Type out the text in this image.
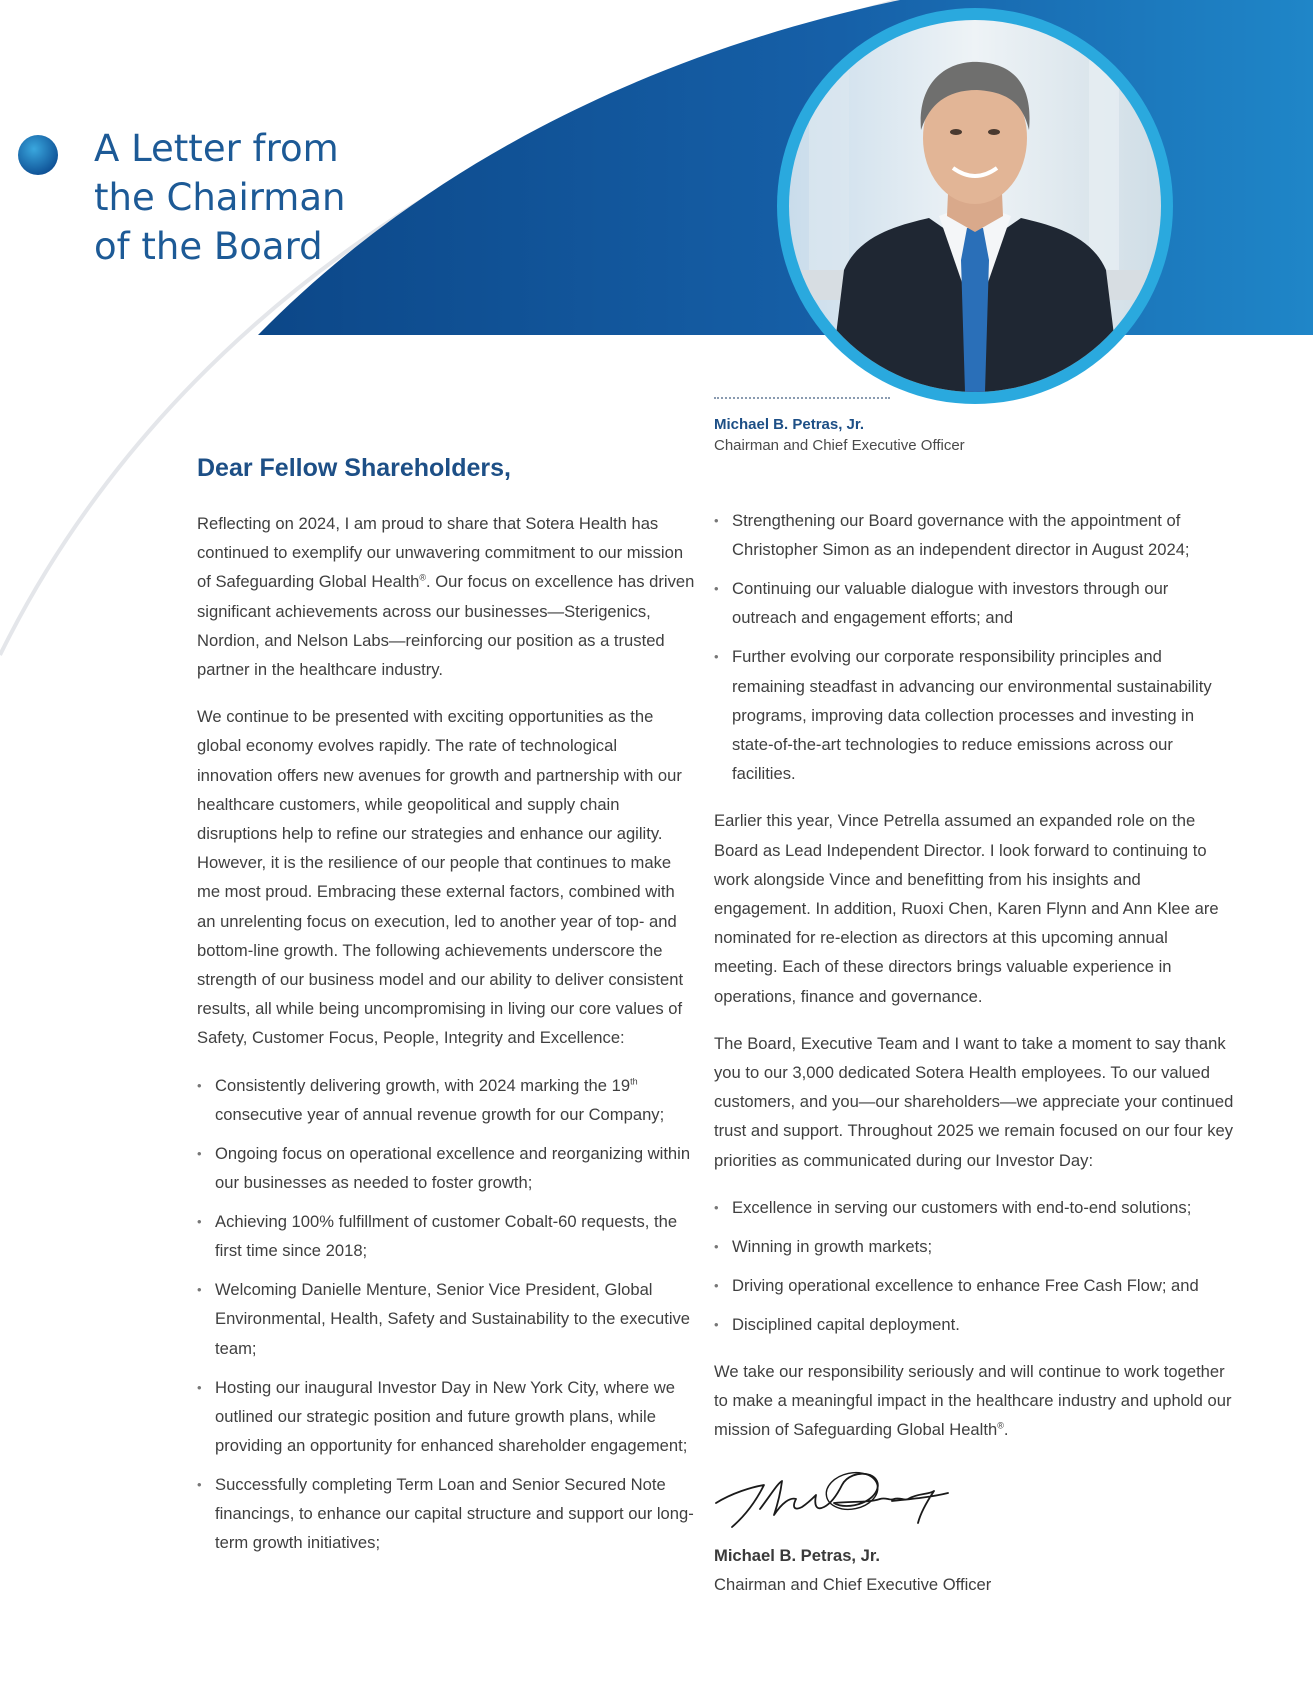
A Letter from
the Chairman
of the Board
Michael B. Petras, Jr.
Chairman and Chief Executive Officer
Dear Fellow Shareholders,

Reflecting on 2024, I am proud to share that Sotera Health has continued to exemplify our unwavering commitment to our mission of Safeguarding Global Health®. Our focus on excellence has driven significant achievements across our businesses—Sterigenics, Nordion, and Nelson Labs—reinforcing our position as a trusted partner in the healthcare industry.

We continue to be presented with exciting opportunities as the global economy evolves rapidly. The rate of technological innovation offers new avenues for growth and partnership with our healthcare customers, while geopolitical and supply chain disruptions help to refine our strategies and enhance our agility. However, it is the resilience of our people that continues to make me most proud. Embracing these external factors, combined with an unrelenting focus on execution, led to another year of top- and bottom-line growth. The following achievements underscore the strength of our business model and our ability to deliver consistent results, all while being uncompromising in living our core values of Safety, Customer Focus, People, Integrity and Excellence:

• Consistently delivering growth, with 2024 marking the 19th consecutive year of annual revenue growth for our Company;
• Ongoing focus on operational excellence and reorganizing within our businesses as needed to foster growth;
• Achieving 100% fulfillment of customer Cobalt-60 requests, the first time since 2018;
• Welcoming Danielle Menture, Senior Vice President, Global Environmental, Health, Safety and Sustainability to the executive team;
• Hosting our inaugural Investor Day in New York City, where we outlined our strategic position and future growth plans, while providing an opportunity for enhanced shareholder engagement;
• Successfully completing Term Loan and Senior Secured Note financings, to enhance our capital structure and support our long-term growth initiatives;
• Strengthening our Board governance with the appointment of Christopher Simon as an independent director in August 2024;
• Continuing our valuable dialogue with investors through our outreach and engagement efforts; and
• Further evolving our corporate responsibility principles and remaining steadfast in advancing our environmental sustainability programs, improving data collection processes and investing in state-of-the-art technologies to reduce emissions across our facilities.

Earlier this year, Vince Petrella assumed an expanded role on the Board as Lead Independent Director. I look forward to continuing to work alongside Vince and benefitting from his insights and engagement. In addition, Ruoxi Chen, Karen Flynn and Ann Klee are nominated for re-election as directors at this upcoming annual meeting. Each of these directors brings valuable experience in operations, finance and governance.

The Board, Executive Team and I want to take a moment to say thank you to our 3,000 dedicated Sotera Health employees. To our valued customers, and you—our shareholders—we appreciate your continued trust and support. Throughout 2025 we remain focused on our four key priorities as communicated during our Investor Day:

• Excellence in serving our customers with end-to-end solutions;
• Winning in growth markets;
• Driving operational excellence to enhance Free Cash Flow; and
• Disciplined capital deployment.

We take our responsibility seriously and will continue to work together to make a meaningful impact in the healthcare industry and uphold our mission of Safeguarding Global Health®.

Michael B. Petras, Jr.
Chairman and Chief Executive Officer
